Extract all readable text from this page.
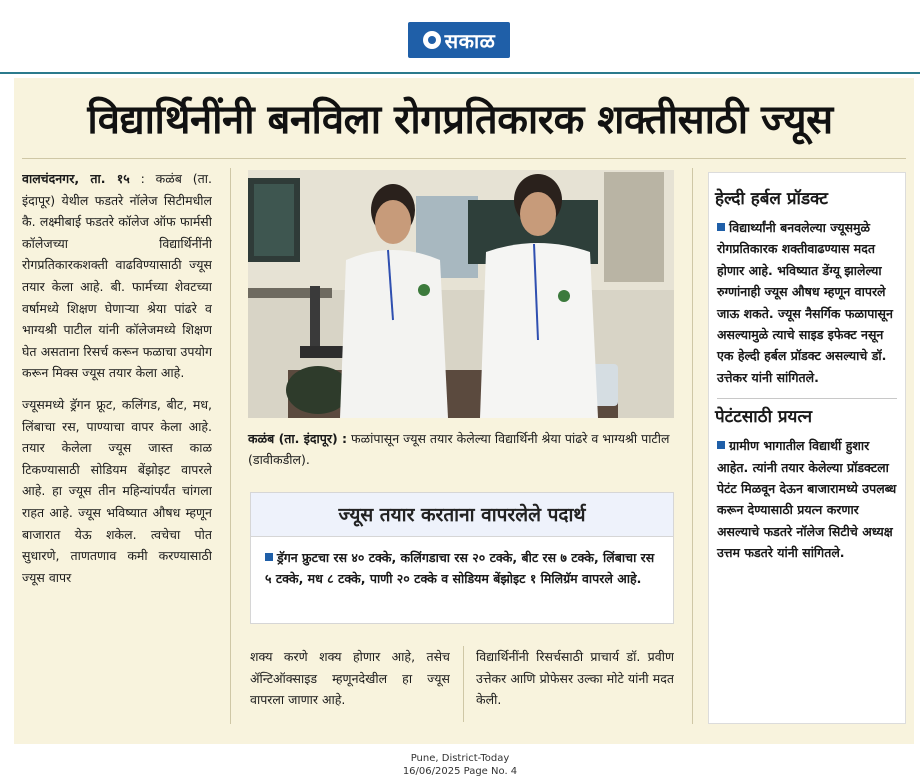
सकाळ
विद्यार्थिनींनी बनविला रोगप्रतिकारक शक्तीसाठी ज्यूस

वालचंदनगर, ता. १५ : कळंब (ता. इंदापूर) येथील फडतरे नॉलेज सिटीमधील कै. लक्ष्मीबाई फडतरे कॉलेज ऑफ फार्मसी कॉलेजच्या विद्यार्थिनींनी रोगप्रतिकारकशक्ती वाढविण्यासाठी ज्यूस तयार केला आहे. बी. फार्मच्या शेवटच्या वर्षामध्ये शिक्षण घेणाऱ्या श्रेया पांढरे व भाग्यश्री पाटील यांनी कॉलेजमध्ये शिक्षण घेत असताना रिसर्च करून फळाचा उपयोग करून मिक्स ज्यूस तयार केला आहे.

ज्यूसमध्ये ड्रॅगन फ्रूट, कलिंगड, बीट, मध, लिंबाचा रस, पाण्याचा वापर केला आहे. तयार केलेला ज्यूस जास्त काळ टिकण्यासाठी सोडियम बेंझोइट वापरले आहे. हा ज्यूस तीन महिन्यांपर्यंत चांगला राहत आहे. ज्यूस भविष्यात औषध म्हणून बाजारात येऊ शकेल. त्वचेचा पोत सुधारणे, ताणतणाव कमी करण्यासाठी ज्यूस वापर

कळंब (ता. इंदापूर) : फळांपासून ज्यूस तयार केलेल्या विद्यार्थिनी श्रेया पांढरे व भाग्यश्री पाटील (डावीकडील).
ज्यूस तयार करताना वापरलेले पदार्थ
ड्रॅगन फ्रुटचा रस ४० टक्के, कलिंगडाचा रस २० टक्के, बीट रस ७ टक्के, लिंबाचा रस ५ टक्के, मध ८ टक्के, पाणी २० टक्के व सोडियम बेंझोइट १ मिलिग्रॅम वापरले आहे.
शक्य करणे शक्य होणार आहे, तसेच ॲन्टिऑक्साइड म्हणूनदेखील हा ज्यूस वापरला जाणार आहे.
विद्यार्थिनींनी रिसर्चसाठी प्राचार्य डॉ. प्रवीण उत्तेकर आणि प्रोफेसर उल्का मोटे यांनी मदत केली.
हेल्दी हर्बल प्रॉडक्ट
विद्यार्थ्यांनी बनवलेल्या ज्यूसमुळे रोगप्रतिकारक शक्तीवाढण्यास मदत होणार आहे. भविष्यात डेंग्यू झालेल्या रुग्णांनाही ज्यूस औषध म्हणून वापरले जाऊ शकते. ज्यूस नैसर्गिक फळापासून असल्यामुळे त्याचे साइड इफेक्ट नसून एक हेल्दी हर्बल प्रॉडक्ट असल्याचे डॉ. उत्तेकर यांनी सांगितले.
पेटंटसाठी प्रयत्न
ग्रामीण भागातील विद्यार्थी हुशार आहेत. त्यांनी तयार केलेल्या प्रॉडक्टला पेटंट मिळवून देऊन बाजारामध्ये उपलब्ध करून देण्यासाठी प्रयत्न करणार असल्याचे फडतरे नॉलेज सिटीचे अध्यक्ष उत्तम फडतरे यांनी सांगितले.
Pune, District-Today
16/06/2025 Page No. 4
